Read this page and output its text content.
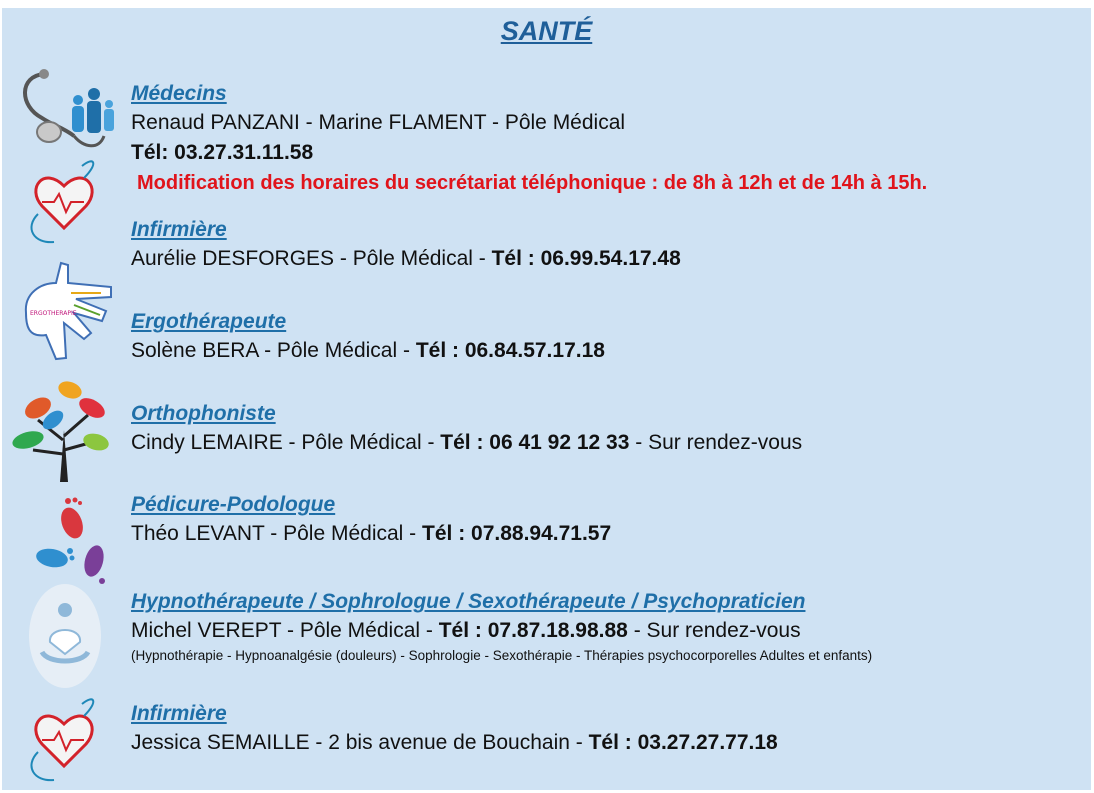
SANTÉ
ERGOTHERAPIE
Médecins
Renaud PANZANI - Marine FLAMENT - Pôle Médical
Tél: 03.27.31.11.58
Modification des horaires du secrétariat téléphonique : de 8h à 12h et de 14h à 15h.
Infirmière
Aurélie DESFORGES - Pôle Médical - Tél : 06.99.54.17.48
Ergothérapeute
Solène BERA - Pôle Médical - Tél : 06.84.57.17.18
Orthophoniste
Cindy LEMAIRE - Pôle Médical - Tél : 06 41 92 12 33 - Sur rendez-vous
Pédicure-Podologue
Théo LEVANT - Pôle Médical - Tél : 07.88.94.71.57
Hypnothérapeute / Sophrologue / Sexothérapeute / Psychopraticien
Michel VEREPT - Pôle Médical - Tél : 07.87.18.98.88 - Sur rendez-vous
(Hypnothérapie - Hypnoanalgésie (douleurs) - Sophrologie - Sexothérapie - Thérapies psychocorporelles Adultes et enfants)
Infirmière
Jessica SEMAILLE - 2 bis avenue de Bouchain - Tél : 03.27.27.77.18
